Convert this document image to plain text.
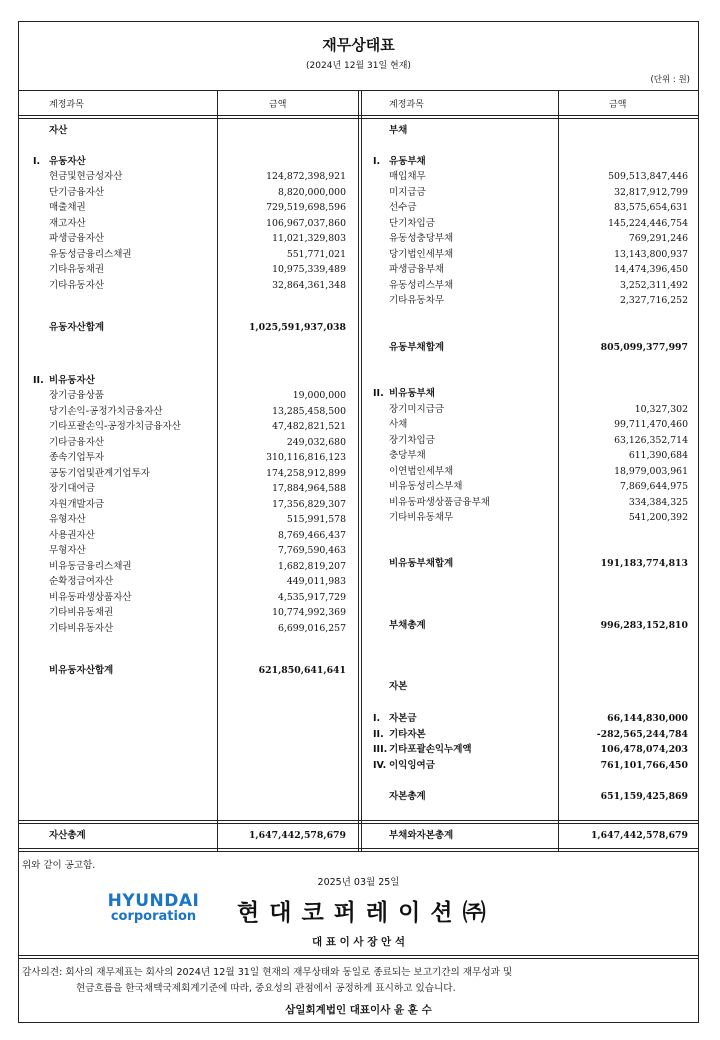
재무상태표
(2024년 12월 31일 현재)
(단위 : 원)
계정과목	금액	계정과목	금액
자산
I. 유동자산
현금및현금성자산	124,872,398,921
단기금융자산	8,820,000,000
매출채권	729,519,698,596
재고자산	106,967,037,860
파생금융자산	11,021,329,803
유동성금융리스채권	551,771,021
기타유동채권	10,975,339,489
기타유동자산	32,864,361,348
유동자산합계	1,025,591,937,038
II. 비유동자산
장기금융상품	19,000,000
당기손익-공정가치금융자산	13,285,458,500
기타포괄손익-공정가치금융자산	47,482,821,521
기타금융자산	249,032,680
종속기업투자	310,116,816,123
공동기업및관계기업투자	174,258,912,899
장기대여금	17,884,964,588
자원개발자금	17,356,829,307
유형자산	515,991,578
사용권자산	8,769,466,437
무형자산	7,769,590,463
비유동금융리스채권	1,682,819,207
순확정급여자산	449,011,983
비유동파생상품자산	4,535,917,729
기타비유동채권	10,774,992,369
기타비유동자산	6,699,016,257
비유동자산합계	621,850,641,641
부채
I. 유동부채
매입채무	509,513,847,446
미지급금	32,817,912,799
선수금	83,575,654,631
단기차입금	145,224,446,754
유동성충당부채	769,291,246
당기법인세부채	13,143,800,937
파생금융부채	14,474,396,450
유동성리스부채	3,252,311,492
기타유동차무	2,327,716,252
유동부채합계	805,099,377,997
II. 비유동부채
장기미지급금	10,327,302
사채	99,711,470,460
장기차입금	63,126,352,714
충당부채	611,390,684
이연법인세부채	18,979,003,961
비유동성리스부채	7,869,644,975
비유동파생상품금융부채	334,384,325
기타비유동채무	541,200,392
비유동부채합계	191,183,774,813
부채총계	996,283,152,810
자본
I. 자본금	66,144,830,000
II. 기타자본	-282,565,244,784
III. 기타포괄손익누계액	106,478,074,203
IV. 이익잉여금	761,101,766,450
자본총계	651,159,425,869
자산총계	1,647,442,578,679	부채와자본총계	1,647,442,578,679
위와 같이 공고함.
2025년 03월 25일
HYUNDAI
corporation 현 대 코 퍼 레 이 션 ㈜
대 표 이 사 장 안 석
감사의견: 회사의 재무제표는 회사의 2024년 12월 31일 현재의 재무상태와 동일로 종료되는 보고기간의 재무성과 및
현금흐름을 한국채택국제회계기준에 따라, 중요성의 관점에서 공정하게 표시하고 있습니다.
삼일회계법인 대표이사 윤 훈 수
